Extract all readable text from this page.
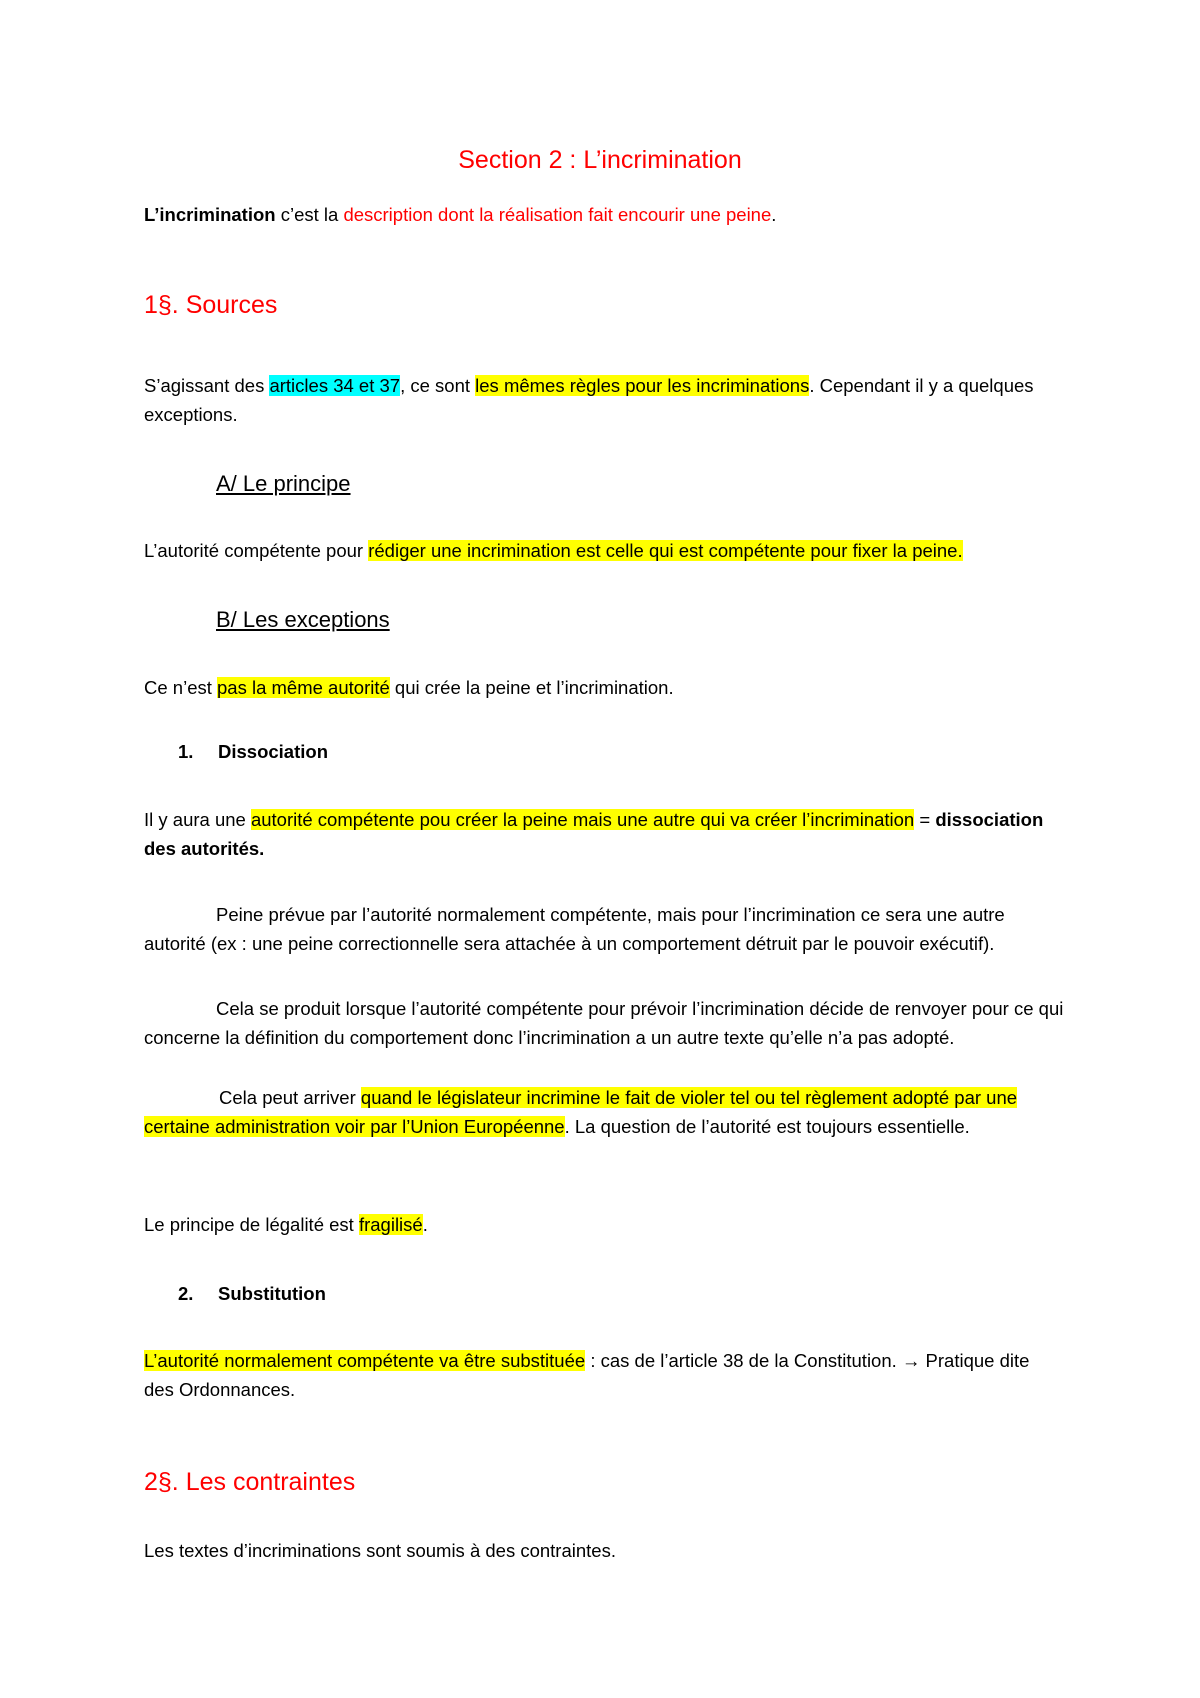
Section 2 : L’incrimination
L’incrimination c’est la description dont la réalisation fait encourir une peine.
1§. Sources
S’agissant des articles 34 et 37, ce sont les mêmes règles pour les incriminations. Cependant il y a quelques exceptions.
A/ Le principe
L’autorité compétente pour rédiger une incrimination est celle qui est compétente pour fixer la peine.
B/ Les exceptions
Ce n’est pas la même autorité qui crée la peine et l’incrimination.
1. Dissociation
Il y aura une autorité compétente pou créer la peine mais une autre qui va créer l’incrimination = dissociation des autorités.
Peine prévue par l’autorité normalement compétente, mais pour l’incrimination ce sera une autre autorité (ex : une peine correctionnelle sera attachée à un comportement détruit par le pouvoir exécutif).
Cela se produit lorsque l’autorité compétente pour prévoir l’incrimination décide de renvoyer pour ce qui concerne la définition du comportement donc l’incrimination a un autre texte qu’elle n’a pas adopté.
Cela peut arriver quand le législateur incrimine le fait de violer tel ou tel règlement adopté par une certaine administration voir par l’Union Européenne. La question de l’autorité est toujours essentielle.
Le principe de légalité est fragilisé.
2. Substitution
L’autorité normalement compétente va être substituée : cas de l’article 38 de la Constitution. → Pratique dite des Ordonnances.
2§. Les contraintes
Les textes d’incriminations sont soumis à des contraintes.
